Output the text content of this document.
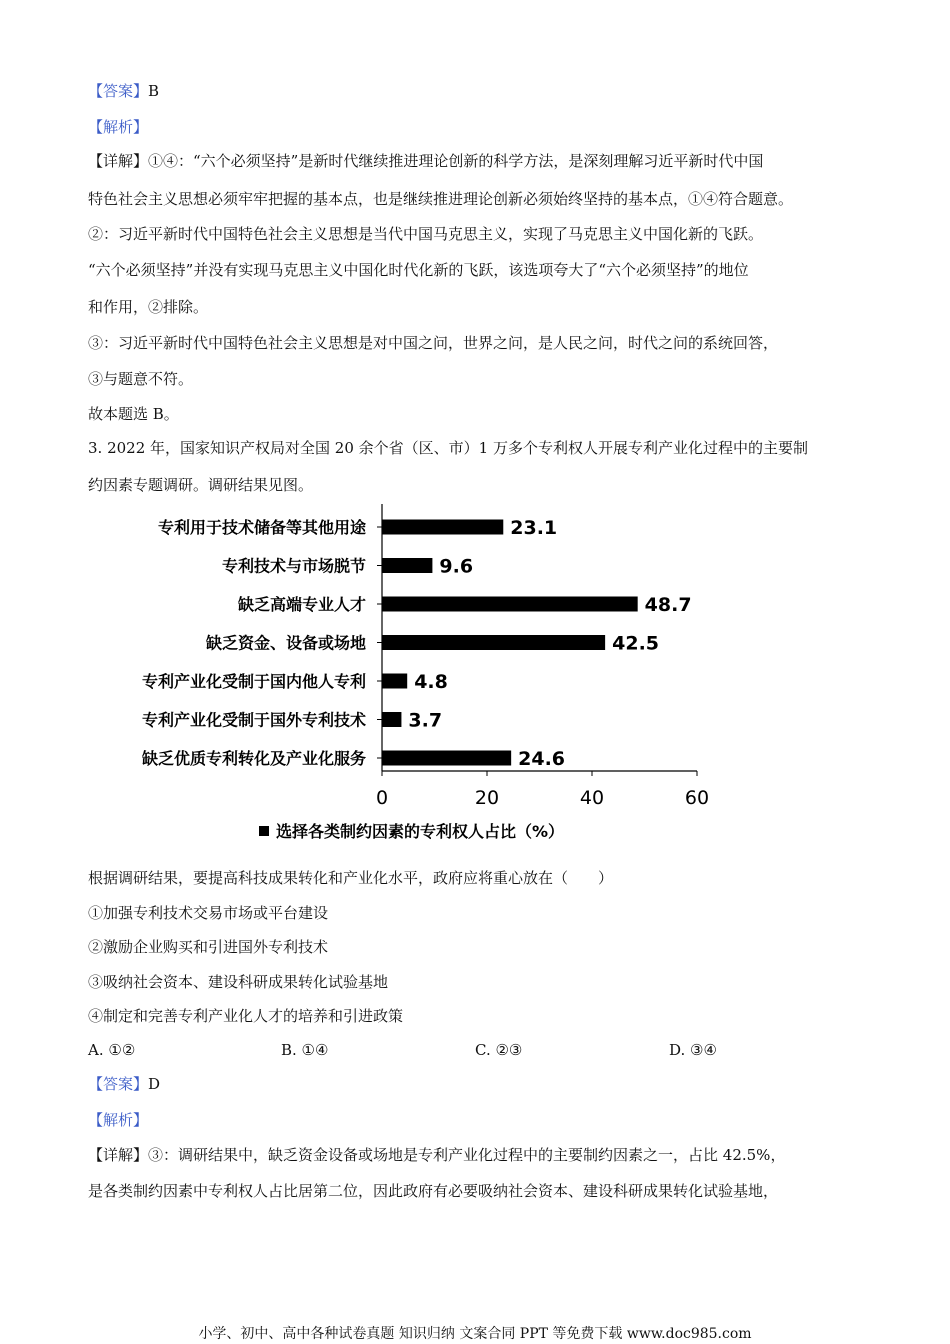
【答案】B
【解析】
【详解】①④：“六个必须坚持”是新时代继续推进理论创新的科学方法，是深刻理解习近平新时代中国
特色社会主义思想必须牢牢把握的基本点，也是继续推进理论创新必须始终坚持的基本点，①④符合题意。
②：习近平新时代中国特色社会主义思想是当代中国马克思主义，实现了马克思主义中国化新的飞跃。
“六个必须坚持”并没有实现马克思主义中国化时代化新的飞跃，该选项夸大了“六个必须坚持”的地位
和作用，②排除。
③：习近平新时代中国特色社会主义思想是对中国之问，世界之问，是人民之问，时代之问的系统回答，
③与题意不符。
故本题选 B。
3. 2022 年，国家知识产权局对全国 20 余个省（区、市）1 万多个专利权人开展专利产业化过程中的主要制
约因素专题调研。调研结果见图。
专利用于技术储备等其他用途	23.1
专利技术与市场脱节	9.6
缺乏高端专业人才	48.7
缺乏资金、设备或场地	42.5
专利产业化受制于国内他人专利	4.8
专利产业化受制于国外专利技术 3.7
缺乏优质专利转化及产业化服务	24.6
0	20	40	60
选择各类制约因素的专利权人占比（%）
根据调研结果，要提高科技成果转化和产业化水平，政府应将重心放在（　　）
①加强专利技术交易市场或平台建设
②激励企业购买和引进国外专利技术
③吸纳社会资本、建设科研成果转化试验基地
④制定和完善专利产业化人才的培养和引进政策
A. ①②	B. ①④	C. ②③	D. ③④
【答案】D
【解析】
【详解】③：调研结果中，缺乏资金设备或场地是专利产业化过程中的主要制约因素之一，占比 42.5%，
是各类制约因素中专利权人占比居第二位，因此政府有必要吸纳社会资本、建设科研成果转化试验基地，
小学、初中、高中各种试卷真题 知识归纳 文案合同 PPT 等免费下载 www.doc985.com
